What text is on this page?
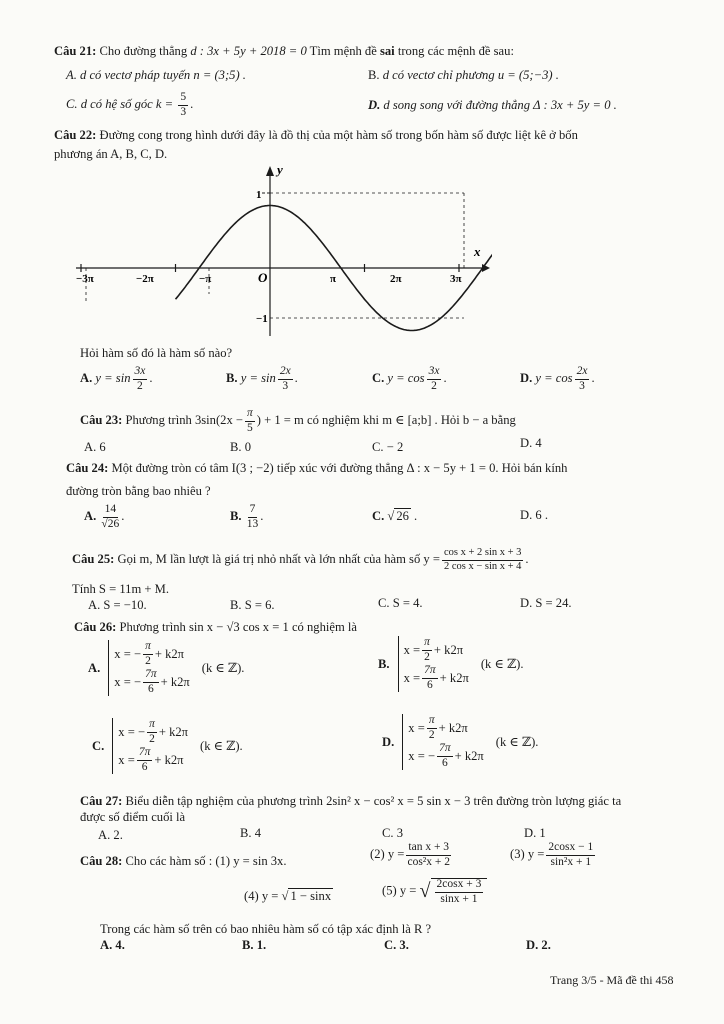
Câu 21: Cho đường thẳng d : 3x + 5y + 2018 = 0 Tìm mệnh đề sai trong các mệnh đề sau:
A. d có vectơ pháp tuyến n = (3;5) .	B. d có vectơ chỉ phương u = (5;−3) .
C. d có hệ số góc $k = \frac{5}{3}$ .	D. d song song với đường thẳng Δ : 3x + 5y = 0 .
Câu 22: Đường cong trong hình dưới đây là đồ thị của một hàm số trong bốn hàm số được liệt kê ở bốn
phương án A, B, C, D.
y
x
O
1
−1
−3π	−2π	−π	π	2π	3π
Hỏi hàm số đó là hàm số nào?
A. $y = \sin \frac{3x}{2}$ .	B. $y = \sin \frac{2x}{3}$ .	C. $y = \cos \frac{3x}{2}$ .	D. $y = \cos \frac{2x}{3}$ .
Câu 23: Phương trình $3\sin(2x - \frac{\pi}{5}$ ) + 1 = m có nghiệm khi m ∈ [a;b] . Hỏi b − a bằng
A. 6	B. 0	C. − 2	D. 4
Câu 24: Một đường tròn có tâm I(3 ; −2) tiếp xúc với đường thẳng Δ : x − 5y + 1 = 0. Hỏi bán kính
đường tròn bằng bao nhiêu ?
A. $\frac{14}{√26}$ .	B. $\frac{7}{13}$ .	C. √ 26 .	D. 6 .
Câu 25: Gọi m, M lần lượt là giá trị nhỏ nhất và lớn nhất của hàm số $y = \frac{\text{cos x + 2 sin x + 3}}{\text{2 cos x − sin x + 4}}$ .
Tính S = 11m + M.
A. S = −10.	B. S = 6.	C. S = 4.	D. S = 24.
Câu 26: Phương trình sin x − √3 cos x = 1 có nghiệm là
A.
x = − $\frac{\pi}{2} + k2\pi$
x = − $\frac{7\pi}{6} + k2\pi$
(k ∈ ℤ).	B.
$x = \frac{\pi}{2} + k2\pi$
$x = \frac{7\pi}{6} + k2\pi$
(k ∈ ℤ).
C.
x = − $\frac{\pi}{2} + k2\pi$
$x = \frac{7\pi}{6} + k2\pi$
(k ∈ ℤ).	D.
$x = \frac{\pi}{2} + k2\pi$
x = − $\frac{7\pi}{6} + k2\pi$
(k ∈ ℤ).
Câu 27: Biểu diễn tập nghiệm của phương trình 2sin² x − cos² x = 5 sin x − 3 trên đường tròn lượng giác ta
được số điểm cuối là
A. 2.	B. 4	C. 3	D. 1
Câu 28: Cho các hàm số : (1) y = sin 3x.
(2) $y = \frac{\text{tan x + 3}}{\text{cos²x + 2}}$	(3) $y = \frac{2\cos x - 1}{\text{sin²x + 1}}$
(4) y = √ 1 − sinx	(5) y = √ $\frac{2\cos x + 3}{\sin x + 1}$
Trong các hàm số trên có bao nhiêu hàm số có tập xác định là R ?
A. 4.	B. 1.	C. 3.	D. 2.
Trang 3/5 - Mã đề thi 458
